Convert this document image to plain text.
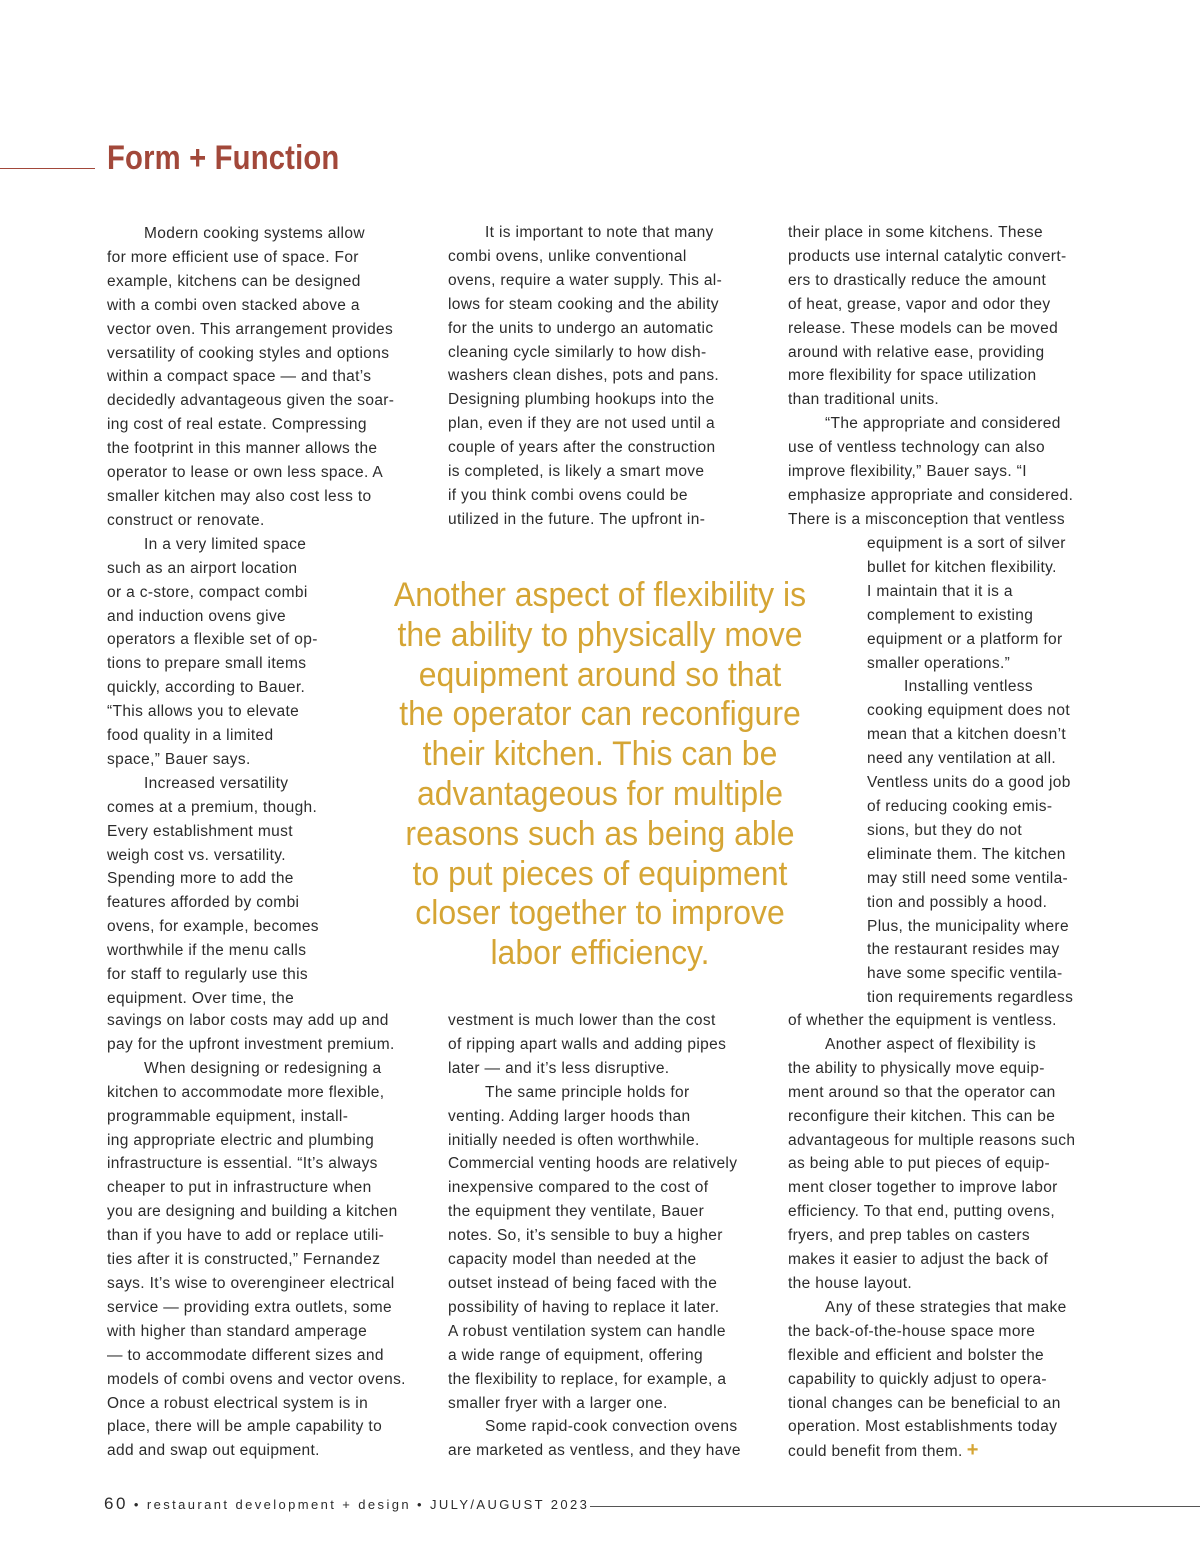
Form + Function
Modern cooking systems allow
for more efficient use of space. For
example, kitchens can be designed
with a combi oven stacked above a
vector oven. This arrangement provides
versatility of cooking styles and options
within a compact space — and that’s
decidedly advantageous given the soar-
ing cost of real estate. Compressing
the footprint in this manner allows the
operator to lease or own less space. A
smaller kitchen may also cost less to
construct or renovate.
In a very limited space
such as an airport location
or a c-store, compact combi
and induction ovens give
operators a flexible set of op-
tions to prepare small items
quickly, according to Bauer.
“This allows you to elevate
food quality in a limited
space,” Bauer says.
Increased versatility
comes at a premium, though.
Every establishment must
weigh cost vs. versatility.
Spending more to add the
features afforded by combi
ovens, for example, becomes
worthwhile if the menu calls
for staff to regularly use this
equipment. Over time, the
savings on labor costs may add up and
pay for the upfront investment premium.
When designing or redesigning a
kitchen to accommodate more flexible,
programmable equipment, install-
ing appropriate electric and plumbing
infrastructure is essential. “It’s always
cheaper to put in infrastructure when
you are designing and building a kitchen
than if you have to add or replace utili-
ties after it is constructed,” Fernandez
says. It’s wise to overengineer electrical
service — providing extra outlets, some
with higher than standard amperage
— to accommodate different sizes and
models of combi ovens and vector ovens.
Once a robust electrical system is in
place, there will be ample capability to
add and swap out equipment.
It is important to note that many
combi ovens, unlike conventional
ovens, require a water supply. This al-
lows for steam cooking and the ability
for the units to undergo an automatic
cleaning cycle similarly to how dish-
washers clean dishes, pots and pans.
Designing plumbing hookups into the
plan, even if they are not used until a
couple of years after the construction
is completed, is likely a smart move
if you think combi ovens could be
utilized in the future. The upfront in-
vestment is much lower than the cost
of ripping apart walls and adding pipes
later — and it’s less disruptive.
The same principle holds for
venting. Adding larger hoods than
initially needed is often worthwhile.
Commercial venting hoods are relatively
inexpensive compared to the cost of
the equipment they ventilate, Bauer
notes. So, it’s sensible to buy a higher
capacity model than needed at the
outset instead of being faced with the
possibility of having to replace it later.
A robust ventilation system can handle
a wide range of equipment, offering
the flexibility to replace, for example, a
smaller fryer with a larger one.
Some rapid-cook convection ovens
are marketed as ventless, and they have
their place in some kitchens. These
products use internal catalytic convert-
ers to drastically reduce the amount
of heat, grease, vapor and odor they
release. These models can be moved
around with relative ease, providing
more flexibility for space utilization
than traditional units.
“The appropriate and considered
use of ventless technology can also
improve flexibility,” Bauer says. “I
emphasize appropriate and considered.
There is a misconception that ventless
equipment is a sort of silver
bullet for kitchen flexibility.
I maintain that it is a
complement to existing
equipment or a platform for
smaller operations.”
Installing ventless
cooking equipment does not
mean that a kitchen doesn’t
need any ventilation at all.
Ventless units do a good job
of reducing cooking emis-
sions, but they do not
eliminate them. The kitchen
may still need some ventila-
tion and possibly a hood.
Plus, the municipality where
the restaurant resides may
have some specific ventila-
tion requirements regardless
of whether the equipment is ventless.
Another aspect of flexibility is
the ability to physically move equip-
ment around so that the operator can
reconfigure their kitchen. This can be
advantageous for multiple reasons such
as being able to put pieces of equip-
ment closer together to improve labor
efficiency. To that end, putting ovens,
fryers, and prep tables on casters
makes it easier to adjust the back of
the house layout.
Any of these strategies that make
the back-of-the-house space more
flexible and efficient and bolster the
capability to quickly adjust to opera-
tional changes can be beneficial to an
operation. Most establishments today
could benefit from them. +
Another aspect of flexibility is
the ability to physically move
equipment around so that
the operator can reconfigure
their kitchen. This can be
advantageous for multiple
reasons such as being able
to put pieces of equipment
closer together to improve
labor efficiency.
60 • restaurant development + design • JULY/AUGUST 2023
